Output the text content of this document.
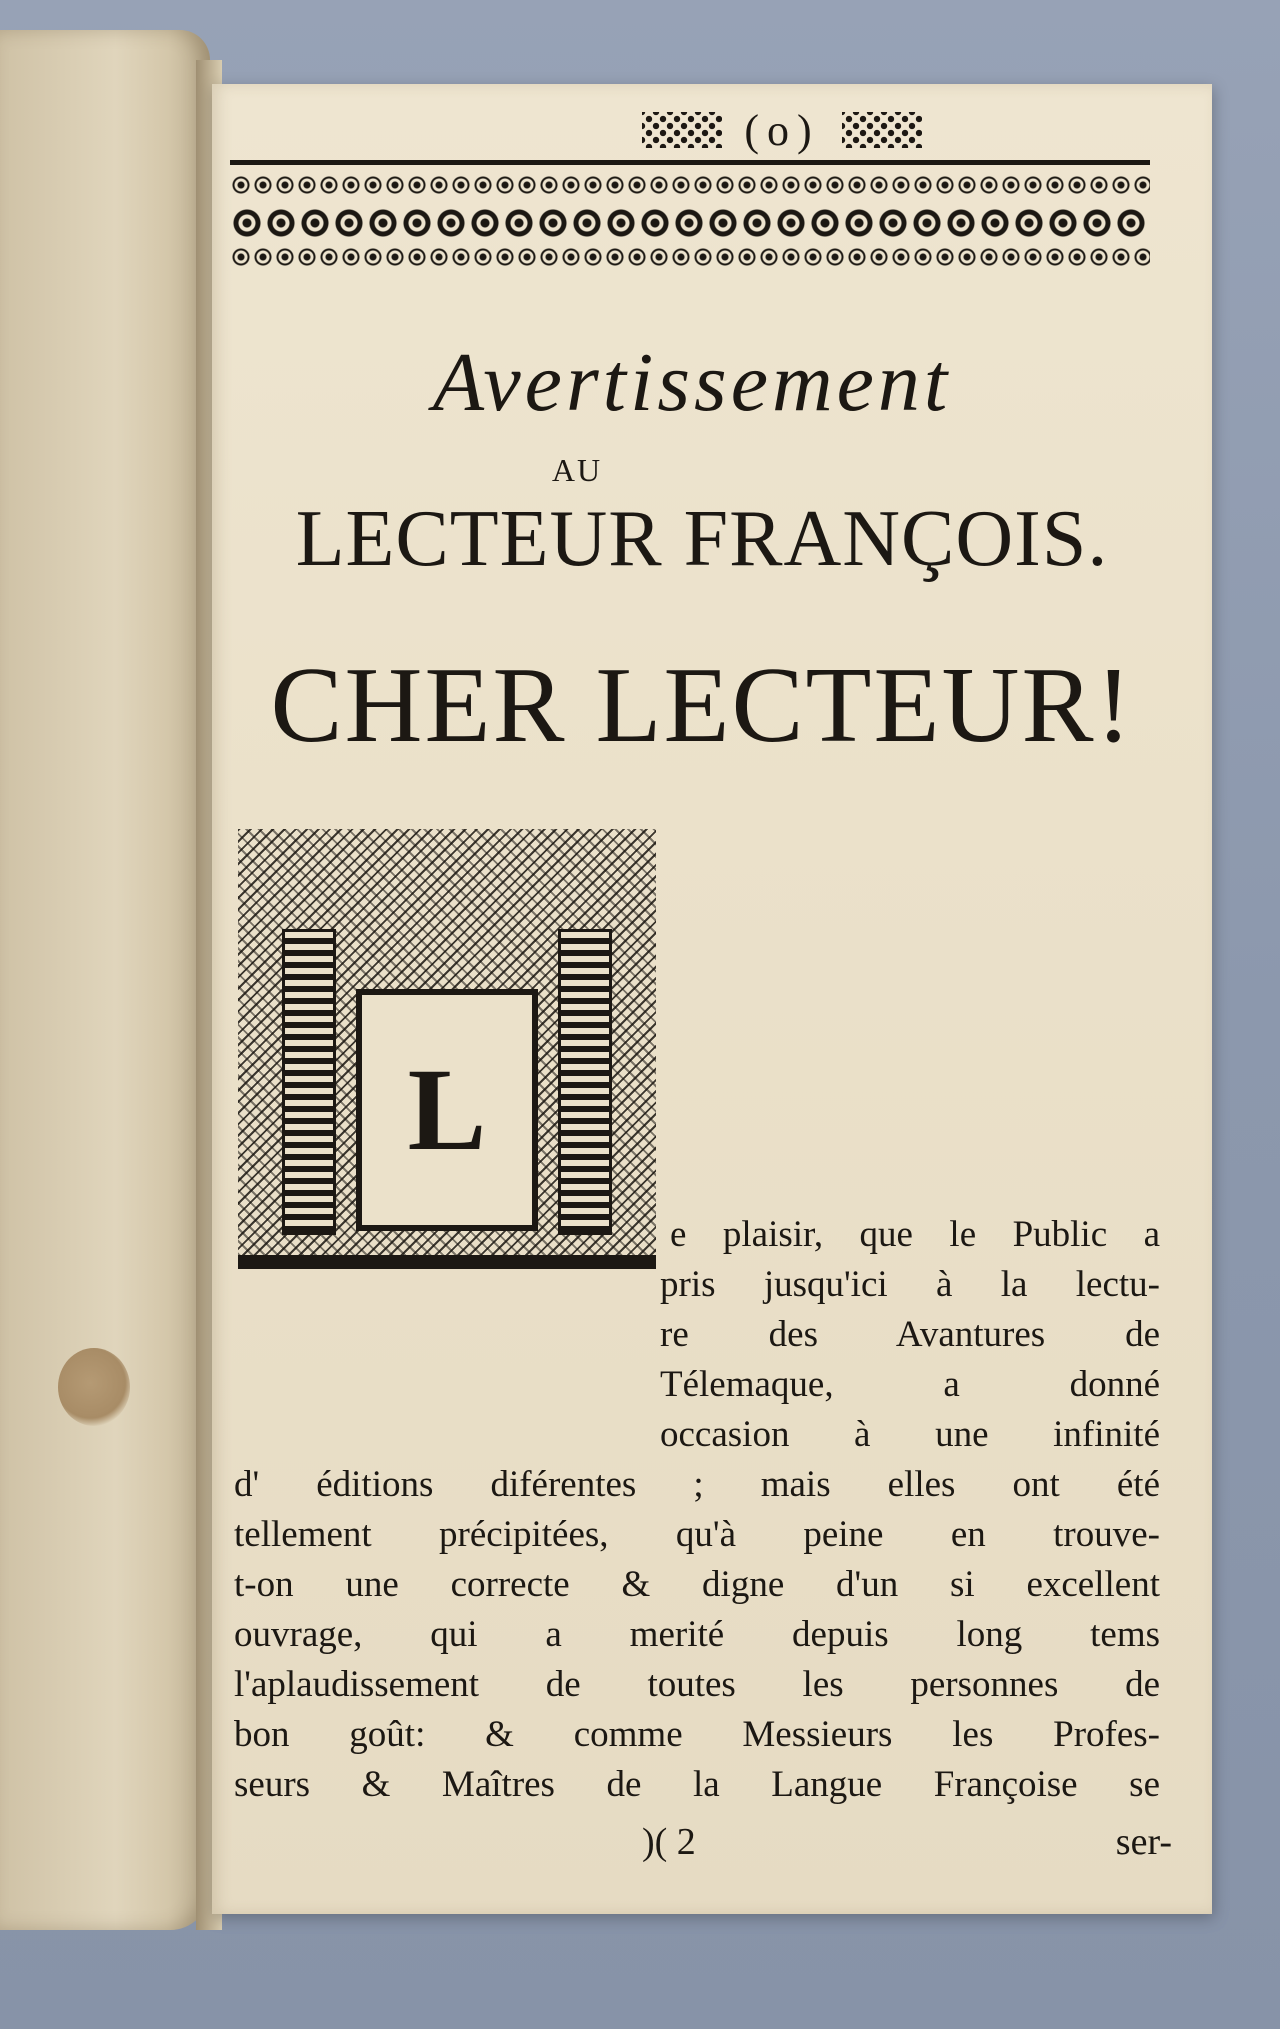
(o)
Avertissement
AU
LECTEUR FRANÇOIS.
CHER LECTEUR!
L
e plaisir, que le Public a
pris jusqu'ici à la lectu-
re des Avantures de
Télemaque, a donné
occasion à une infinité
d' éditions diférentes ; mais elles ont été
tellement précipitées, qu'à peine en trouve-
t-on une correcte & digne d'un si excellent
ouvrage, qui a merité depuis long tems
l'aplaudissement de toutes les personnes de
bon goût: & comme Messieurs les Profes-
seurs & Maîtres de la Langue Françoise se
)( 2	ser-
